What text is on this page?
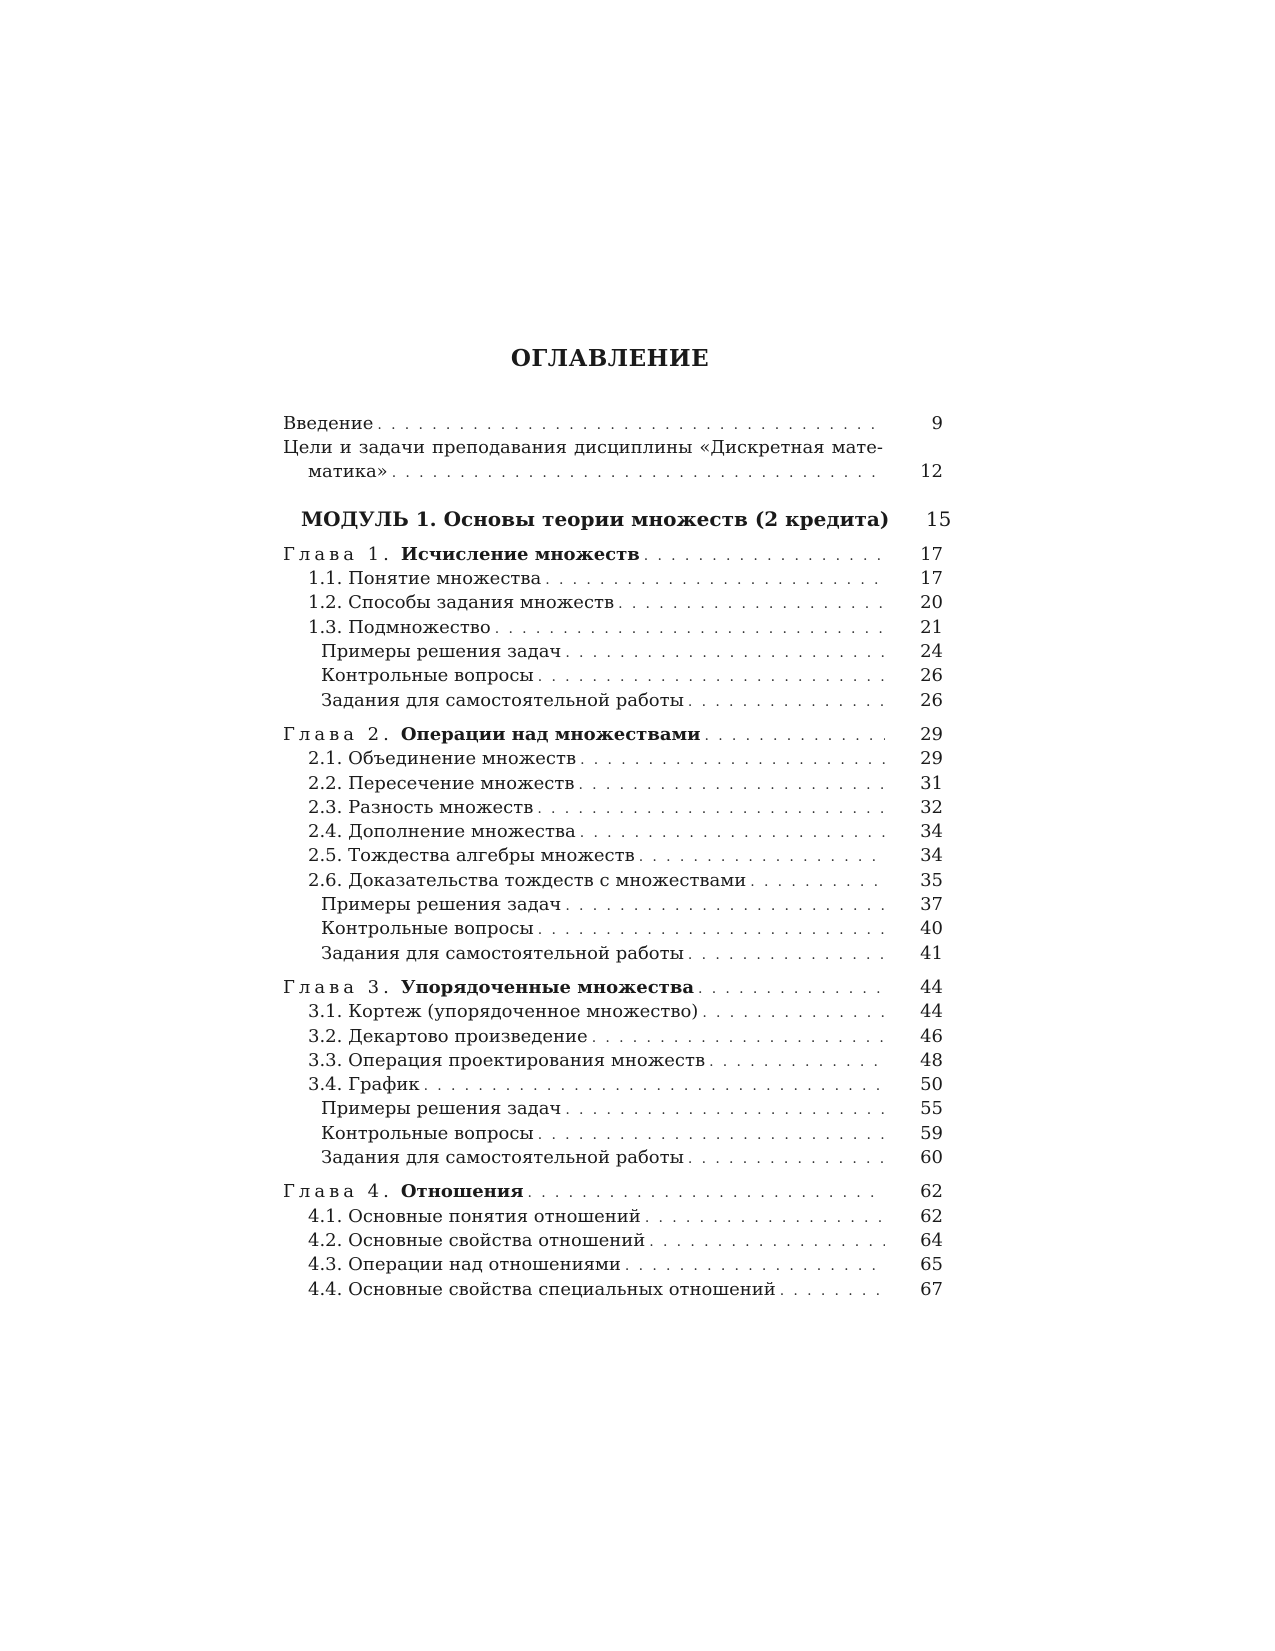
ОГЛАВЛЕНИЕ
Введение . . .	9
Цели и задачи преподавания дисциплины «Дискретная мате-
матика» . . .	12
МОДУЛЬ 1. Основы теории множеств (2 кредита)	15
Глава 1. Исчисление множеств . . .	17
1.1. Понятие множества . . .	17
1.2. Способы задания множеств . . .	20
1.3. Подмножество . . .	21
Примеры решения задач . . .	24
Контрольные вопросы . . .	26
Задания для самостоятельной работы . . .	26
Глава 2. Операции над множествами . . .	29
2.1. Объединение множеств . . .	29
2.2. Пересечение множеств . . .	31
2.3. Разность множеств . . .	32
2.4. Дополнение множества . . .	34
2.5. Тождества алгебры множеств . . .	34
2.6. Доказательства тождеств с множествами . . .	35
Примеры решения задач . . .	37
Контрольные вопросы . . .	40
Задания для самостоятельной работы . . .	41
Глава 3. Упорядоченные множества . . .	44
3.1. Кортеж (упорядоченное множество) . . .	44
3.2. Декартово произведение . . .	46
3.3. Операция проектирования множеств . . .	48
3.4. График . . .	50
Примеры решения задач . . .	55
Контрольные вопросы . . .	59
Задания для самостоятельной работы . . .	60
Глава 4. Отношения . . .	62
4.1. Основные понятия отношений . . .	62
4.2. Основные свойства отношений . . .	64
4.3. Операции над отношениями . . .	65
4.4. Основные свойства специальных отношений . . .	67
